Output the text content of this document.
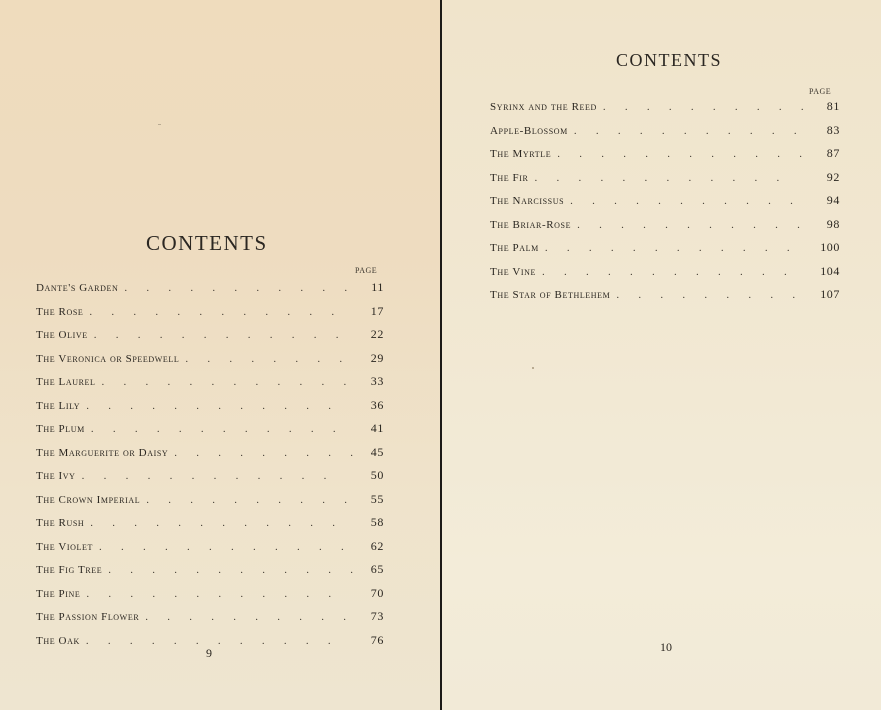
CONTENTS
PAGE
Dante's Garden .	11
The Rose .	17
The Olive .	22
The Veronica or Speedwell .	29
The Laurel .	33
The Lily .	36
The Plum .	41
The Marguerite or Daisy .	45
The Ivy .	50
The Crown Imperial .	55
The Rush .	58
The Violet .	62
The Fig Tree .	65
The Pine .	70
The Passion Flower .	73
The Oak .	76
9
CONTENTS
PAGE
Syrinx and the Reed .	81
Apple-Blossom .	83
The Myrtle .	87
The Fir .	92
The Narcissus .	94
The Briar-Rose .	98
The Palm .	100
The Vine .	104
The Star of Bethlehem .	107
10
